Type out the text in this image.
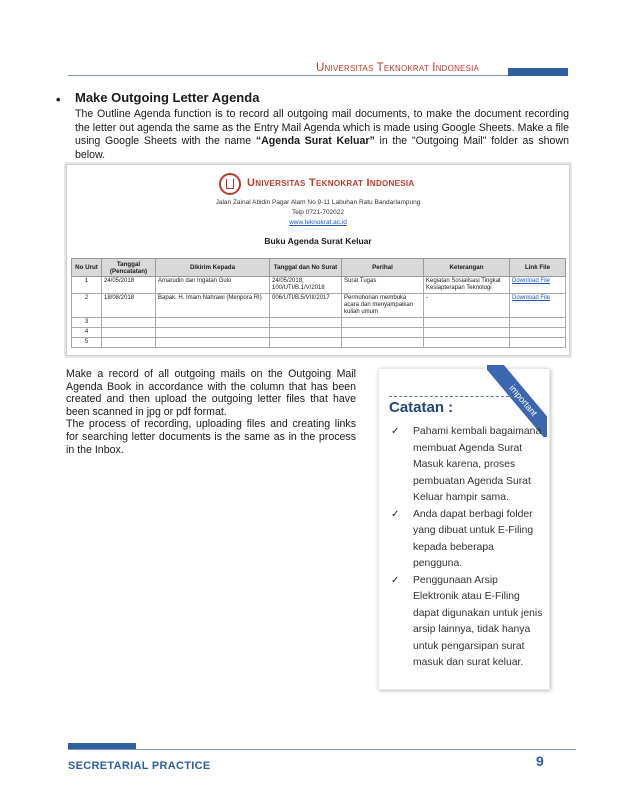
Universitas Teknokrat Indonesia
• Make Outgoing Letter Agenda

The Outline Agenda function is to record all outgoing mail documents, to make the document recording the letter out agenda the same as the Entry Mail Agenda which is made using Google Sheets. Make a file using Google Sheets with the name “Agenda Surat Keluar” in the "Outgoing Mail" folder as shown below.

Universitas Teknokrat Indonesia
Jalan Zainal Abidin Pagar Alam No 9-11 Labuhan Ratu Bandarlampung
Telp 0721-702022
www.teknokrat.ac.id
Buku Agenda Surat Keluar
No Urut	Tanggal (Pencatatan)	Dikirim Kepada	Tanggal dan No Surat	Perihal	Keterangan	Link File
1	24/05/2018	Amarudin dan Ingatan Gulo	24/05/2018, 100/UTI/B.1/V/2018	Surat Tugas	Kegiatan Sosialisasi Tingkat Kesiapterapan Teknologi	Download File
2	18/08/2018	Bapak. H. Imam Nahrawi (Menpora RI)	006/UTI/B.5/VIII/2017	Permohonan membuka acara dan menyampaikan kuliah umum	-	Download File
3						
4						
5						

Make a record of all outgoing mails on the Outgoing Mail Agenda Book in accordance with the column that has been created and then upload the outgoing letter files that have been scanned in jpg or pdf format.
The process of recording, uploading files and creating links for searching letter documents is the same as in the process in the Inbox.

important
Catatan :
✓ Pahami kembali bagaimana membuat Agenda Surat Masuk karena, proses pembuatan Agenda Surat Keluar hampir sama.
✓ Anda dapat berbagi folder yang dibuat untuk E-Filing kepada beberapa pengguna.
✓ Penggunaan Arsip Elektronik atau E-Filing dapat digunakan untuk jenis arsip lainnya, tidak hanya untuk pengarsipan surat masuk dan surat keluar.
SECRETARIAL PRACTICE	9
